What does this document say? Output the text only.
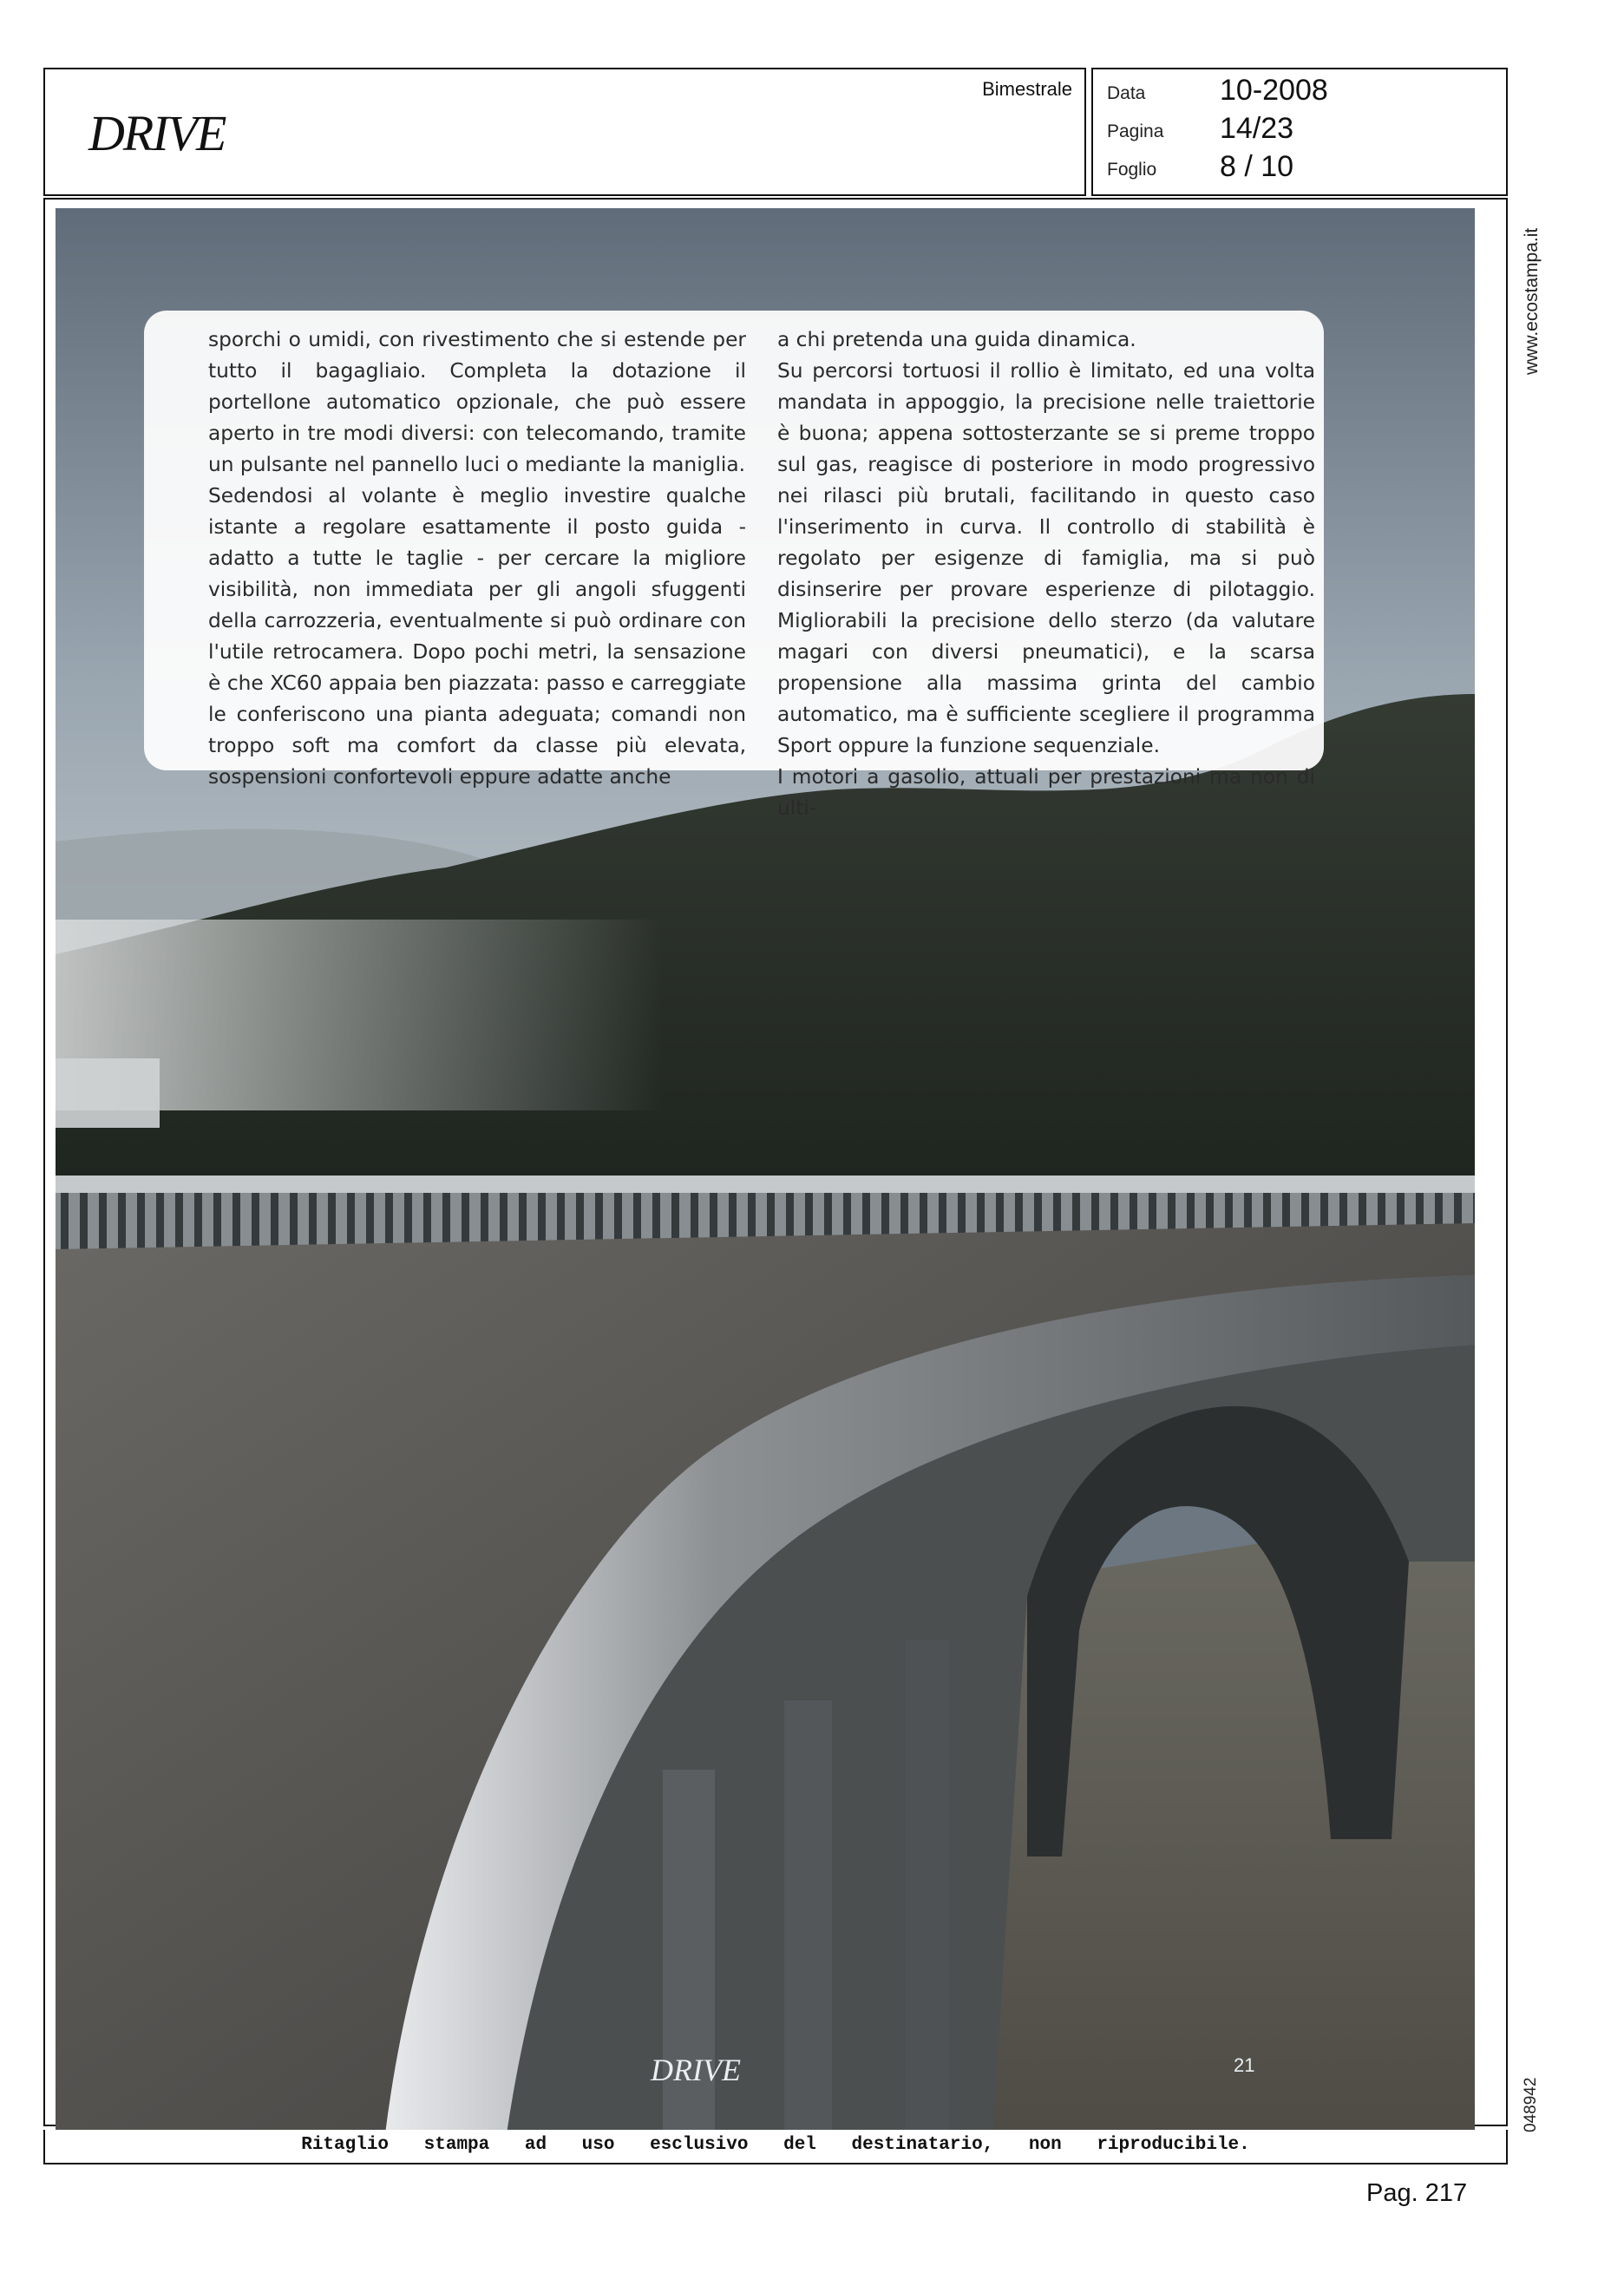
DRIVE
Bimestrale Data	10-2008
Pagina 14/23
Foglio 8 / 10

sporchi o umidi, con rivestimento che si estende per tutto il bagagliaio. Completa la dotazione il portellone automatico opzionale, che può essere aperto in tre modi diversi: con telecomando, tramite un pulsante nel pannello luci o mediante la maniglia.

Sedendosi al volante è meglio investire qualche istante a regolare esattamente il posto guida - adatto a tutte le taglie - per cercare la migliore visibilità, non immediata per gli angoli sfuggenti della carrozzeria, eventualmente si può ordinare con l'utile retrocamera. Dopo pochi metri, la sensazione è che XC60 appaia ben piazzata: passo e carreggiate le conferiscono una pianta adeguata; comandi non troppo soft ma comfort da classe più elevata, sospensioni confortevoli eppure adatte anche

a chi pretenda una guida dinamica.

Su percorsi tortuosi il rollio è limitato, ed una volta mandata in appoggio, la precisione nelle traiettorie è buona; appena sottosterzante se si preme troppo sul gas, reagisce di posteriore in modo progressivo nei rilasci più brutali, facilitando in questo caso l'inserimento in curva. Il controllo di stabilità è regolato per esigenze di famiglia, ma si può disinserire per provare esperienze di pilotaggio. Migliorabili la precisione dello sterzo (da valutare magari con diversi pneumatici), e la scarsa propensione alla massima grinta del cambio automatico, ma è sufficiente scegliere il programma Sport oppure la funzione sequenziale.

I motori a gasolio, attuali per prestazioni ma non di ulti-

DRIVE	21
www.ecostampa.it
048942
Ritaglio stampa ad uso esclusivo del destinatario, non riproducibile.
Pag. 217
